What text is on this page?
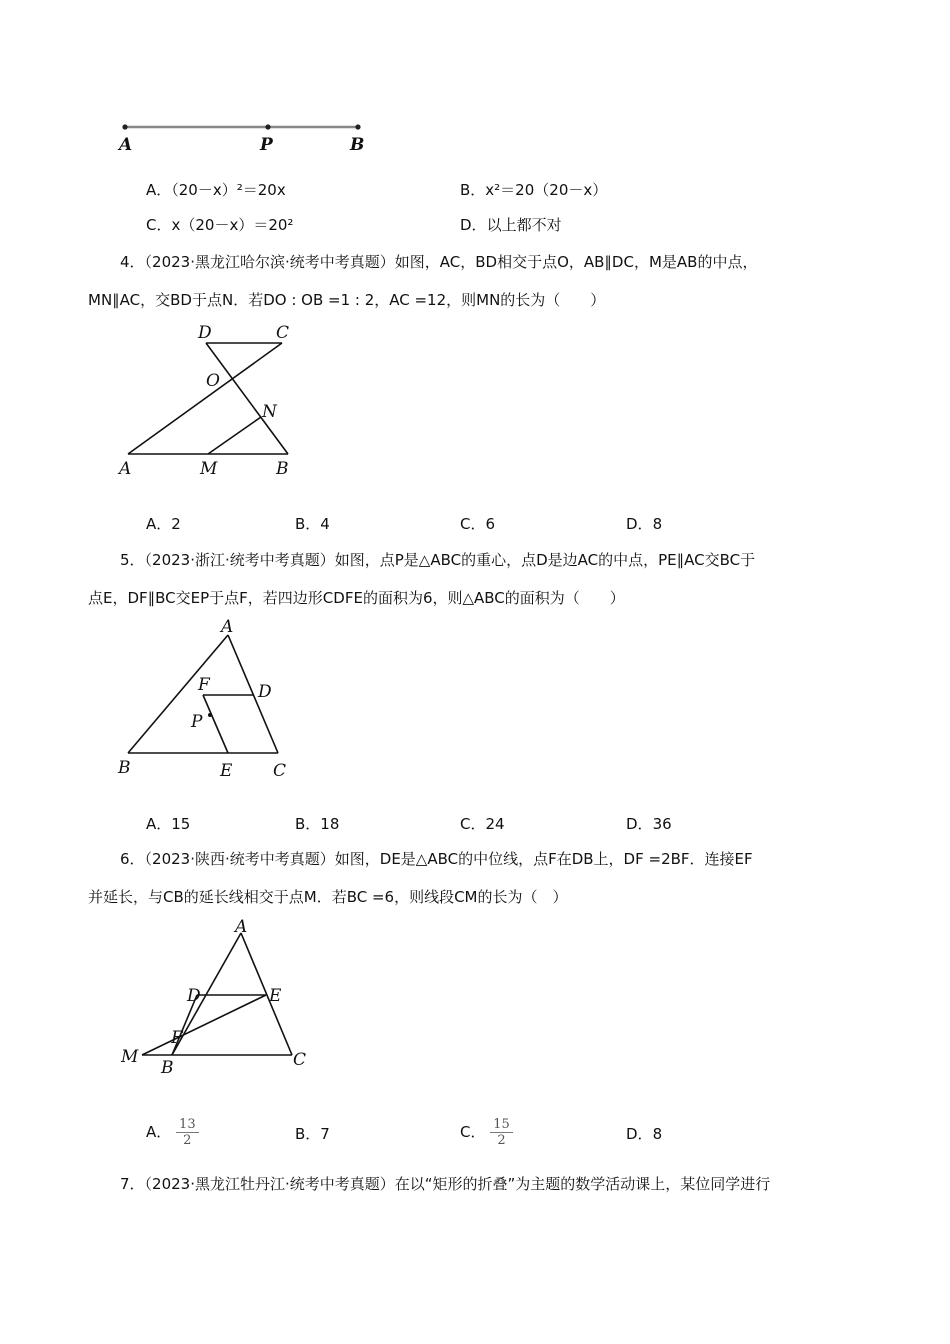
A	P	B
A．（20－x）²＝20x	B．x²＝20（20－x）
C．x（20－x）＝20²	D．以上都不对
4．（2023·黑龙江哈尔滨·统考中考真题）如图，AC，BD相交于点O，AB∥DC，M是AB的中点，
MN∥AC，交BD于点N．若DO : OB =1 : 2，AC =12，则MN的长为（　　）
D	C
O
N
A	M	B
A．2	B．4	C．6	D．8
5．（2023·浙江·统考中考真题）如图，点P是△ABC的重心，点D是边AC的中点，PE∥AC交BC于
点E，DF∥BC交EP于点F，若四边形CDFE的面积为6，则△ABC的面积为（　　）
A
F	D
P
B	E C
A．15	B．18	C．24	D．36
6．（2023·陕西·统考中考真题）如图，DE是△ABC的中位线，点F在DB上，DF =2BF．连接EF
并延长，与CB的延长线相交于点M．若BC =6，则线段CM的长为（　）
A
D	E
F
M
B	C
A． $\frac{13}{2}$	B．7	C． $\frac{15}{2}$	D．8
7．（2023·黑龙江牡丹江·统考中考真题）在以“矩形的折叠”为主题的数学活动课上，某位同学进行
